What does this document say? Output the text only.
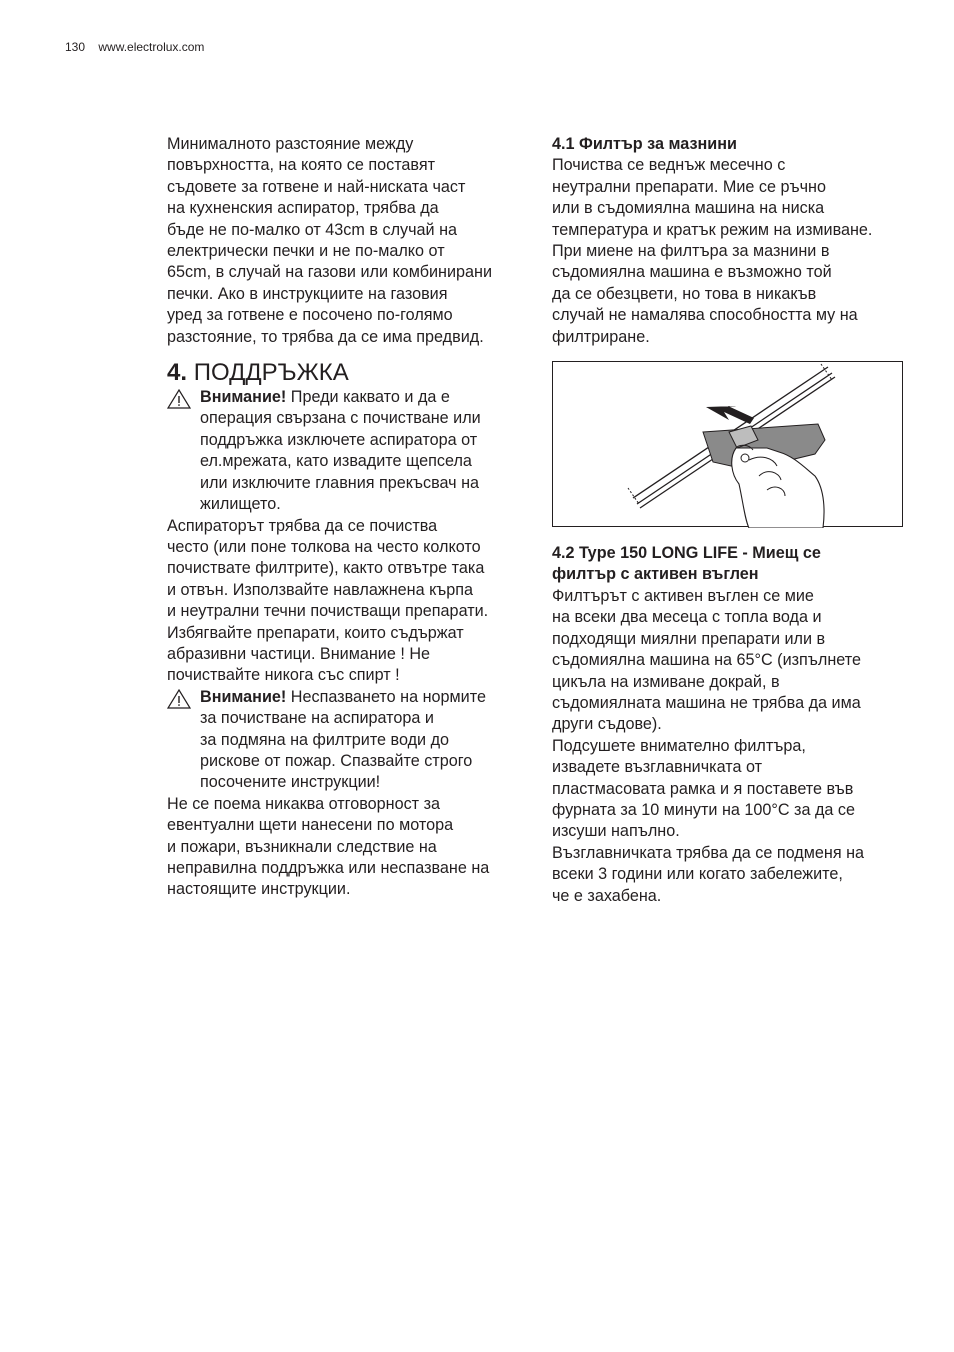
130 www.electrolux.com
Минималното разстояние между
повърхността, на която се поставят
съдовете за готвене и най-ниската част
на кухненския аспиратор, трябва да
бъде не по-малко от 43cm в случай на
електрически печки и не по-малко от
65cm, в случай на газови или комбинирани
печки. Ако в инструкциите на газовия
уред за готвене е посочено по-голямо
разстояние, то трябва да се има предвид.
4. ПОДДРЪЖКА
Внимание! Преди каквато и да е
операция свързана с почистване или
поддръжка изключете аспиратора от
ел.мрежата, като извадите щепсела
или изключите главния прекъсвач на
жилището.
Аспираторът трябва да се почиства
често (или поне толкова на често колкото
почиствате филтрите), както отвътре така
и отвън. Използвайте навлажнена кърпа
и неутрални течни почистващи препарати.
Избягвайте препарати, които съдържат
абразивни частици. Внимание ! Не
почиствайте никога със спирт !
Внимание! Неспазването на нормите
за почистване на аспиратора и
за подмяна на филтрите води до
рискове от пожар. Спазвайте строго
посочените инструкции!
Не се поема никаква отговорност за
евентуални щети нанесени по мотора
и пожари, възникнали следствие на
неправилна поддръжка или неспазване на
настоящите инструкции.
4.1 Филтър за мазнини
Почиства се веднъж месечно с
неутрални препарати. Мие се ръчно
или в съдомиялна машина на ниска
температура и кратък режим на измиване.
При миене на филтъра за мазнини в
съдомиялна машина е възможно той
да се обезцвети, но това в никакъв
случай не намалява способността му на
филтриране.
4.2 Type 150 LONG LIFE - Миещ се
филтър с активен въглен
Филтърът с активен въглен се мие
на всеки два месеца с топла вода и
подходящи миялни препарати или в
съдомиялна машина на 65°C (изпълнете
цикъла на измиване докрай, в
съдомиялната машина не трябва да има
други съдове).
Подсушете внимателно филтъра,
извадете възглавничката от
пластмасовата рамка и я поставете във
фурната за 10 минути на 100°C за да се
изсуши напълно.
Възглавничката трябва да се подменя на
всеки 3 години или когато забележите,
че е захабена.
